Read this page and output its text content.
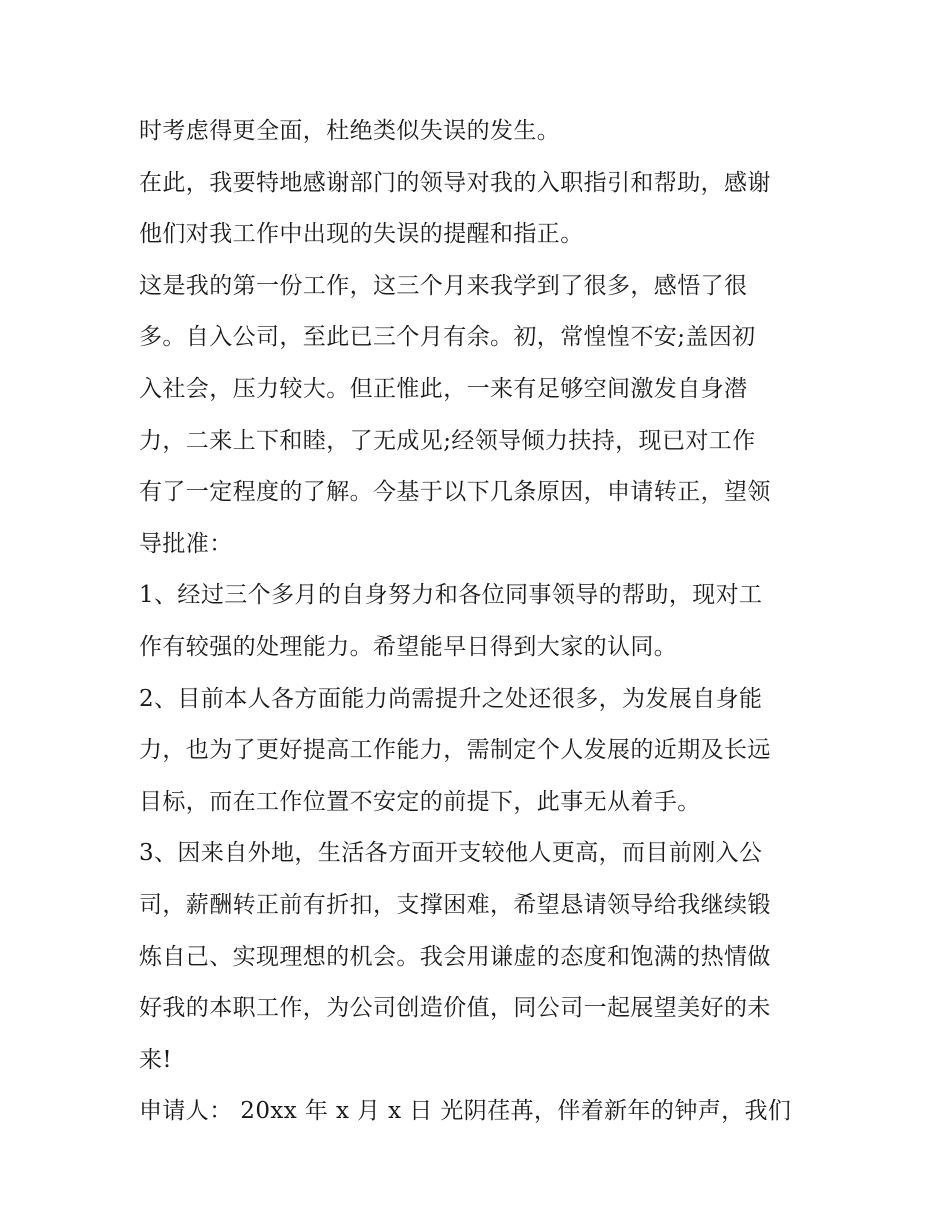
时考虑得更全面，杜绝类似失误的发生。
在此，我要特地感谢部门的领导对我的入职指引和帮助，感谢
他们对我工作中出现的失误的提醒和指正。
这是我的第一份工作，这三个月来我学到了很多，感悟了很
多。自入公司，至此已三个月有余。初，常惶惶不安;盖因初
入社会，压力较大。但正惟此，一来有足够空间激发自身潜
力，二来上下和睦，了无成见;经领导倾力扶持，现已对工作
有了一定程度的了解。今基于以下几条原因，申请转正，望领
导批准：
1、经过三个多月的自身努力和各位同事领导的帮助，现对工
作有较强的处理能力。希望能早日得到大家的认同。
2、目前本人各方面能力尚需提升之处还很多，为发展自身能
力，也为了更好提高工作能力，需制定个人发展的近期及长远
目标，而在工作位置不安定的前提下，此事无从着手。
3、因来自外地，生活各方面开支较他人更高，而目前刚入公
司，薪酬转正前有折扣，支撑困难，希望恳请领导给我继续锻
炼自己、实现理想的机会。我会用谦虚的态度和饱满的热情做
好我的本职工作，为公司创造价值，同公司一起展望美好的未
来!
申请人： 20xx 年 x 月 x 日 光阴荏苒，伴着新年的钟声，我们
